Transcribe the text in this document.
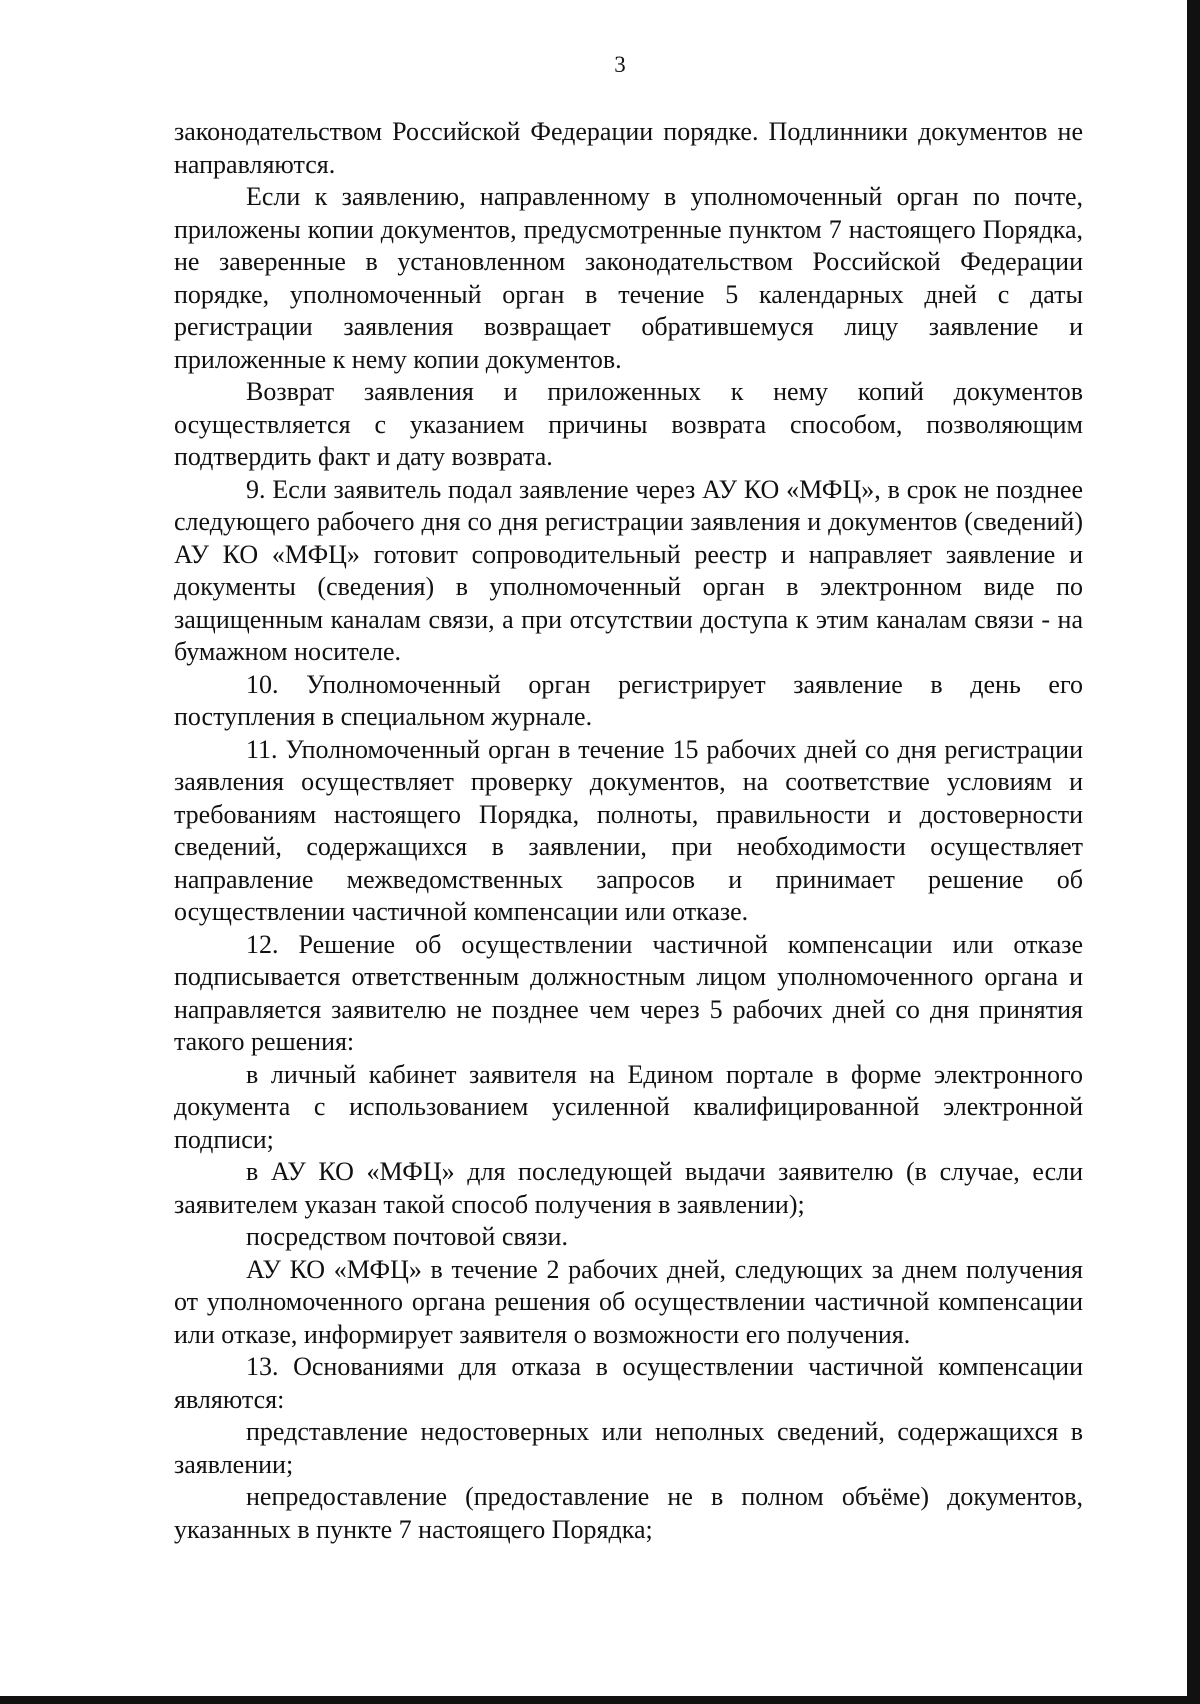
3

законодательством Российской Федерации порядке. Подлинники документов не направляются.

Если к заявлению, направленному в уполномоченный орган по почте, приложены копии документов, предусмотренные пунктом 7 настоящего Порядка, не заверенные в установленном законодательством Российской Федерации порядке, уполномоченный орган в течение 5 календарных дней с даты регистрации заявления возвращает обратившемуся лицу заявление и приложенные к нему копии документов.

Возврат заявления и приложенных к нему копий документов осуществляется с указанием причины возврата способом, позволяющим подтвердить факт и дату возврата.

9. Если заявитель подал заявление через АУ КО «МФЦ», в срок не позднее следующего рабочего дня со дня регистрации заявления и документов (сведений) АУ КО «МФЦ» готовит сопроводительный реестр и направляет заявление и документы (сведения) в уполномоченный орган в электронном виде по защищенным каналам связи, а при отсутствии доступа к этим каналам связи - на бумажном носителе.

10. Уполномоченный орган регистрирует заявление в день его поступления в специальном журнале.

11. Уполномоченный орган в течение 15 рабочих дней со дня регистрации заявления осуществляет проверку документов, на соответствие условиям и требованиям настоящего Порядка, полноты, правильности и достоверности сведений, содержащихся в заявлении, при необходимости осуществляет направление межведомственных запросов и принимает решение об осуществлении частичной компенсации или отказе.

12. Решение об осуществлении частичной компенсации или отказе подписывается ответственным должностным лицом уполномоченного органа и направляется заявителю не позднее чем через 5 рабочих дней со дня принятия такого решения:

в личный кабинет заявителя на Едином портале в форме электронного документа с использованием усиленной квалифицированной электронной подписи;

в АУ КО «МФЦ» для последующей выдачи заявителю (в случае, если заявителем указан такой способ получения в заявлении);

посредством почтовой связи.

АУ КО «МФЦ» в течение 2 рабочих дней, следующих за днем получения от уполномоченного органа решения об осуществлении частичной компенсации или отказе, информирует заявителя о возможности его получения.

13. Основаниями для отказа в осуществлении частичной компенсации являются:

представление недостоверных или неполных сведений, содержащихся в заявлении;

непредоставление (предоставление не в полном объёме) документов, указанных в пункте 7 настоящего Порядка;
